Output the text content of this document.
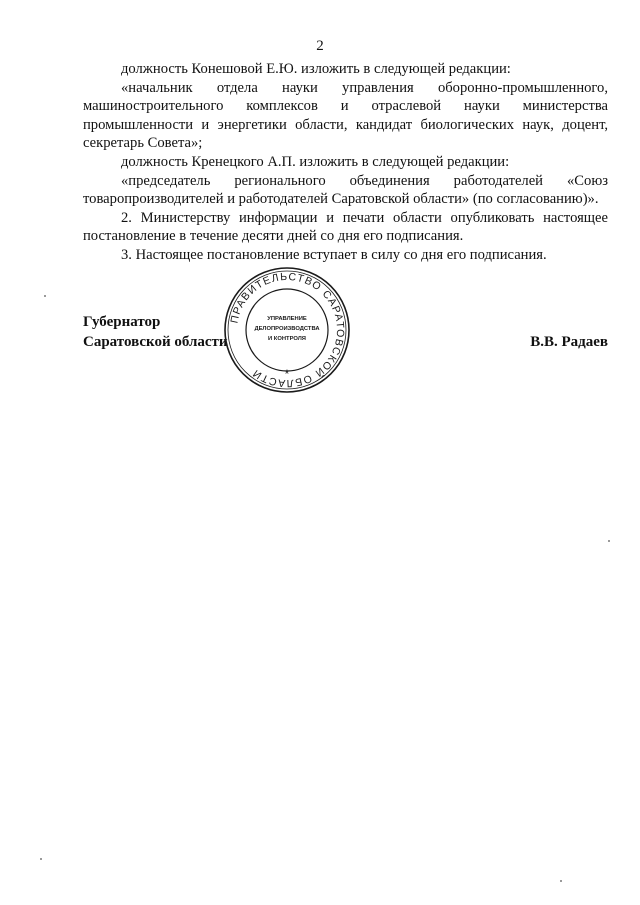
2

должность Конешовой Е.Ю. изложить в следующей редакции:

«начальник отдела науки управления оборонно-промышленного, машиностроительного комплексов и отраслевой науки министерства промышленности и энергетики области, кандидат биологических наук, доцент, секретарь Совета»;

должность Кренецкого А.П. изложить в следующей редакции:

«председатель регионального объединения работодателей «Союз товаропроизводителей и работодателей Саратовской области» (по согласованию)».

2. Министерству информации и печати области опубликовать настоящее постановление в течение десяти дней со дня его подписания.

3. Настоящее постановление вступает в силу со дня его подписания.

Губернатор
Саратовской области	В.В. Радаев
ПРАВИТЕЛЬСТВО САРАТОВСКОЙ ОБЛАСТИ
УПРАВЛЕНИЕ
ДЕЛОПРОИЗВОДСТВА
И КОНТРОЛЯ
*
